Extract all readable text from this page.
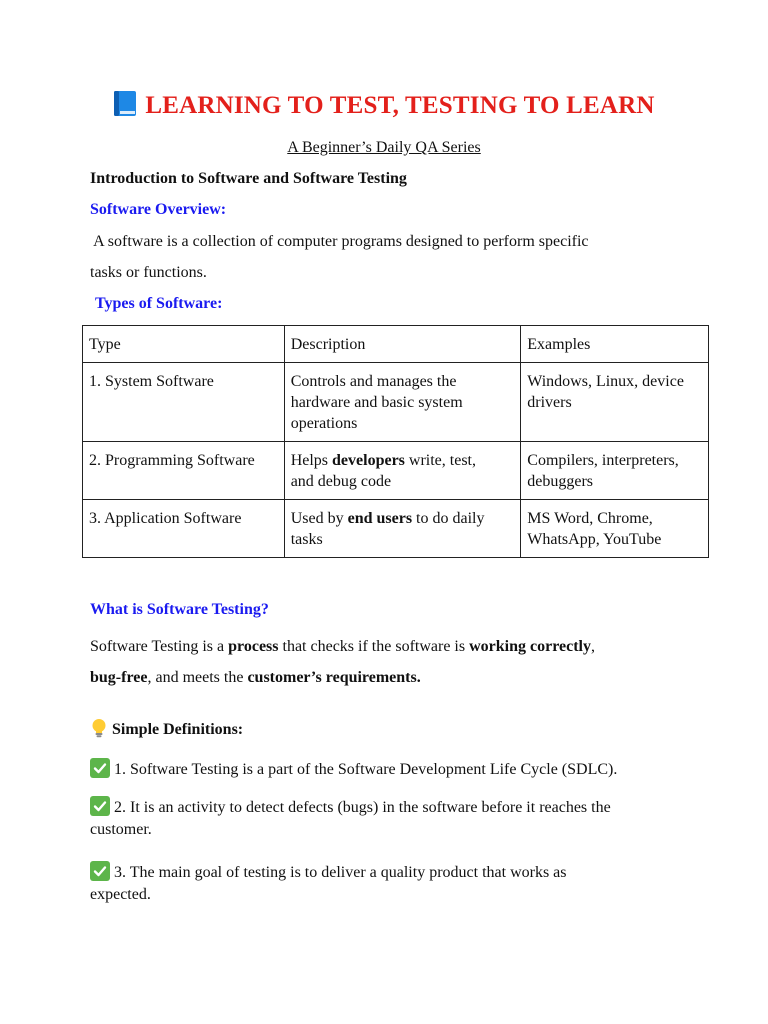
LEARNING TO TEST, TESTING TO LEARN
A Beginner’s Daily QA Series
Introduction to Software and Software Testing
Software Overview:
A software is a collection of computer programs designed to perform specific
tasks or functions.
Types of Software:
Type	Description	Examples
1. System Software	Controls and manages the
hardware and basic system
operations	Windows, Linux, device
drivers
2. Programming Software	Helps developers write, test,
and debug code	Compilers, interpreters,
debuggers
3. Application Software	Used by end users to do daily
tasks	MS Word, Chrome,
WhatsApp, YouTube
What is Software Testing?
Software Testing is a process that checks if the software is working correctly,
bug-free, and meets the customer’s requirements.
Simple Definitions:
1. Software Testing is a part of the Software Development Life Cycle (SDLC).
2. It is an activity to detect defects (bugs) in the software before it reaches the
customer.
3. The main goal of testing is to deliver a quality product that works as
expected.
